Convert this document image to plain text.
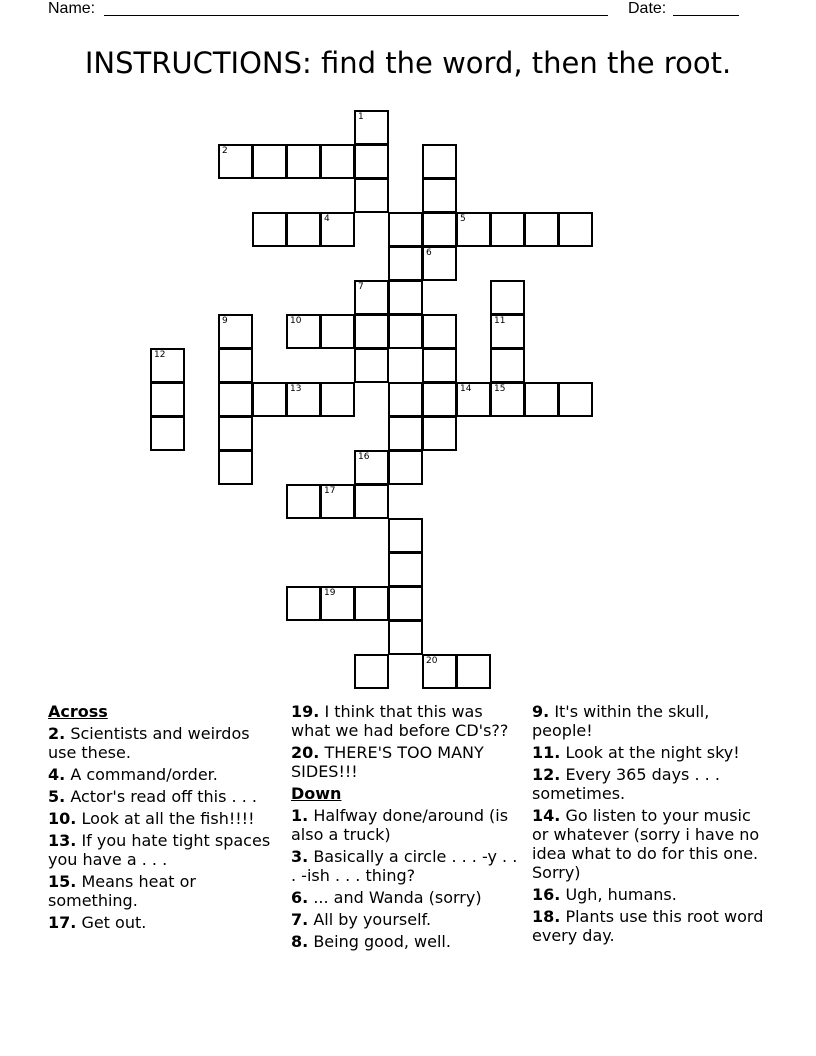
Name:	Date:
INSTRUCTIONS: find the word, then the root.
1
2
6
4	5
7
11
9	10
12
13	14	15
16
17
19
20
Across
2. Scientists and weirdos use these.
4. A command/order.
5. Actor's read off this . . .
10. Look at all the fish!!!!
13. If you hate tight spaces you have a . . .
15. Means heat or something.
17. Get out.
19. I think that this was what we had before CD's??
20. THERE'S TOO MANY SIDES!!!
Down
1. Halfway done/around (is also a truck)
3. Basically a circle . . . -y . . . -ish . . . thing?
6. ... and Wanda (sorry)
7. All by yourself.
8. Being good, well.
9. It's within the skull, people!
11. Look at the night sky!
12. Every 365 days . . . sometimes.
14. Go listen to your music or whatever (sorry i have no idea what to do for this one. Sorry)
16. Ugh, humans.
18. Plants use this root word every day.
